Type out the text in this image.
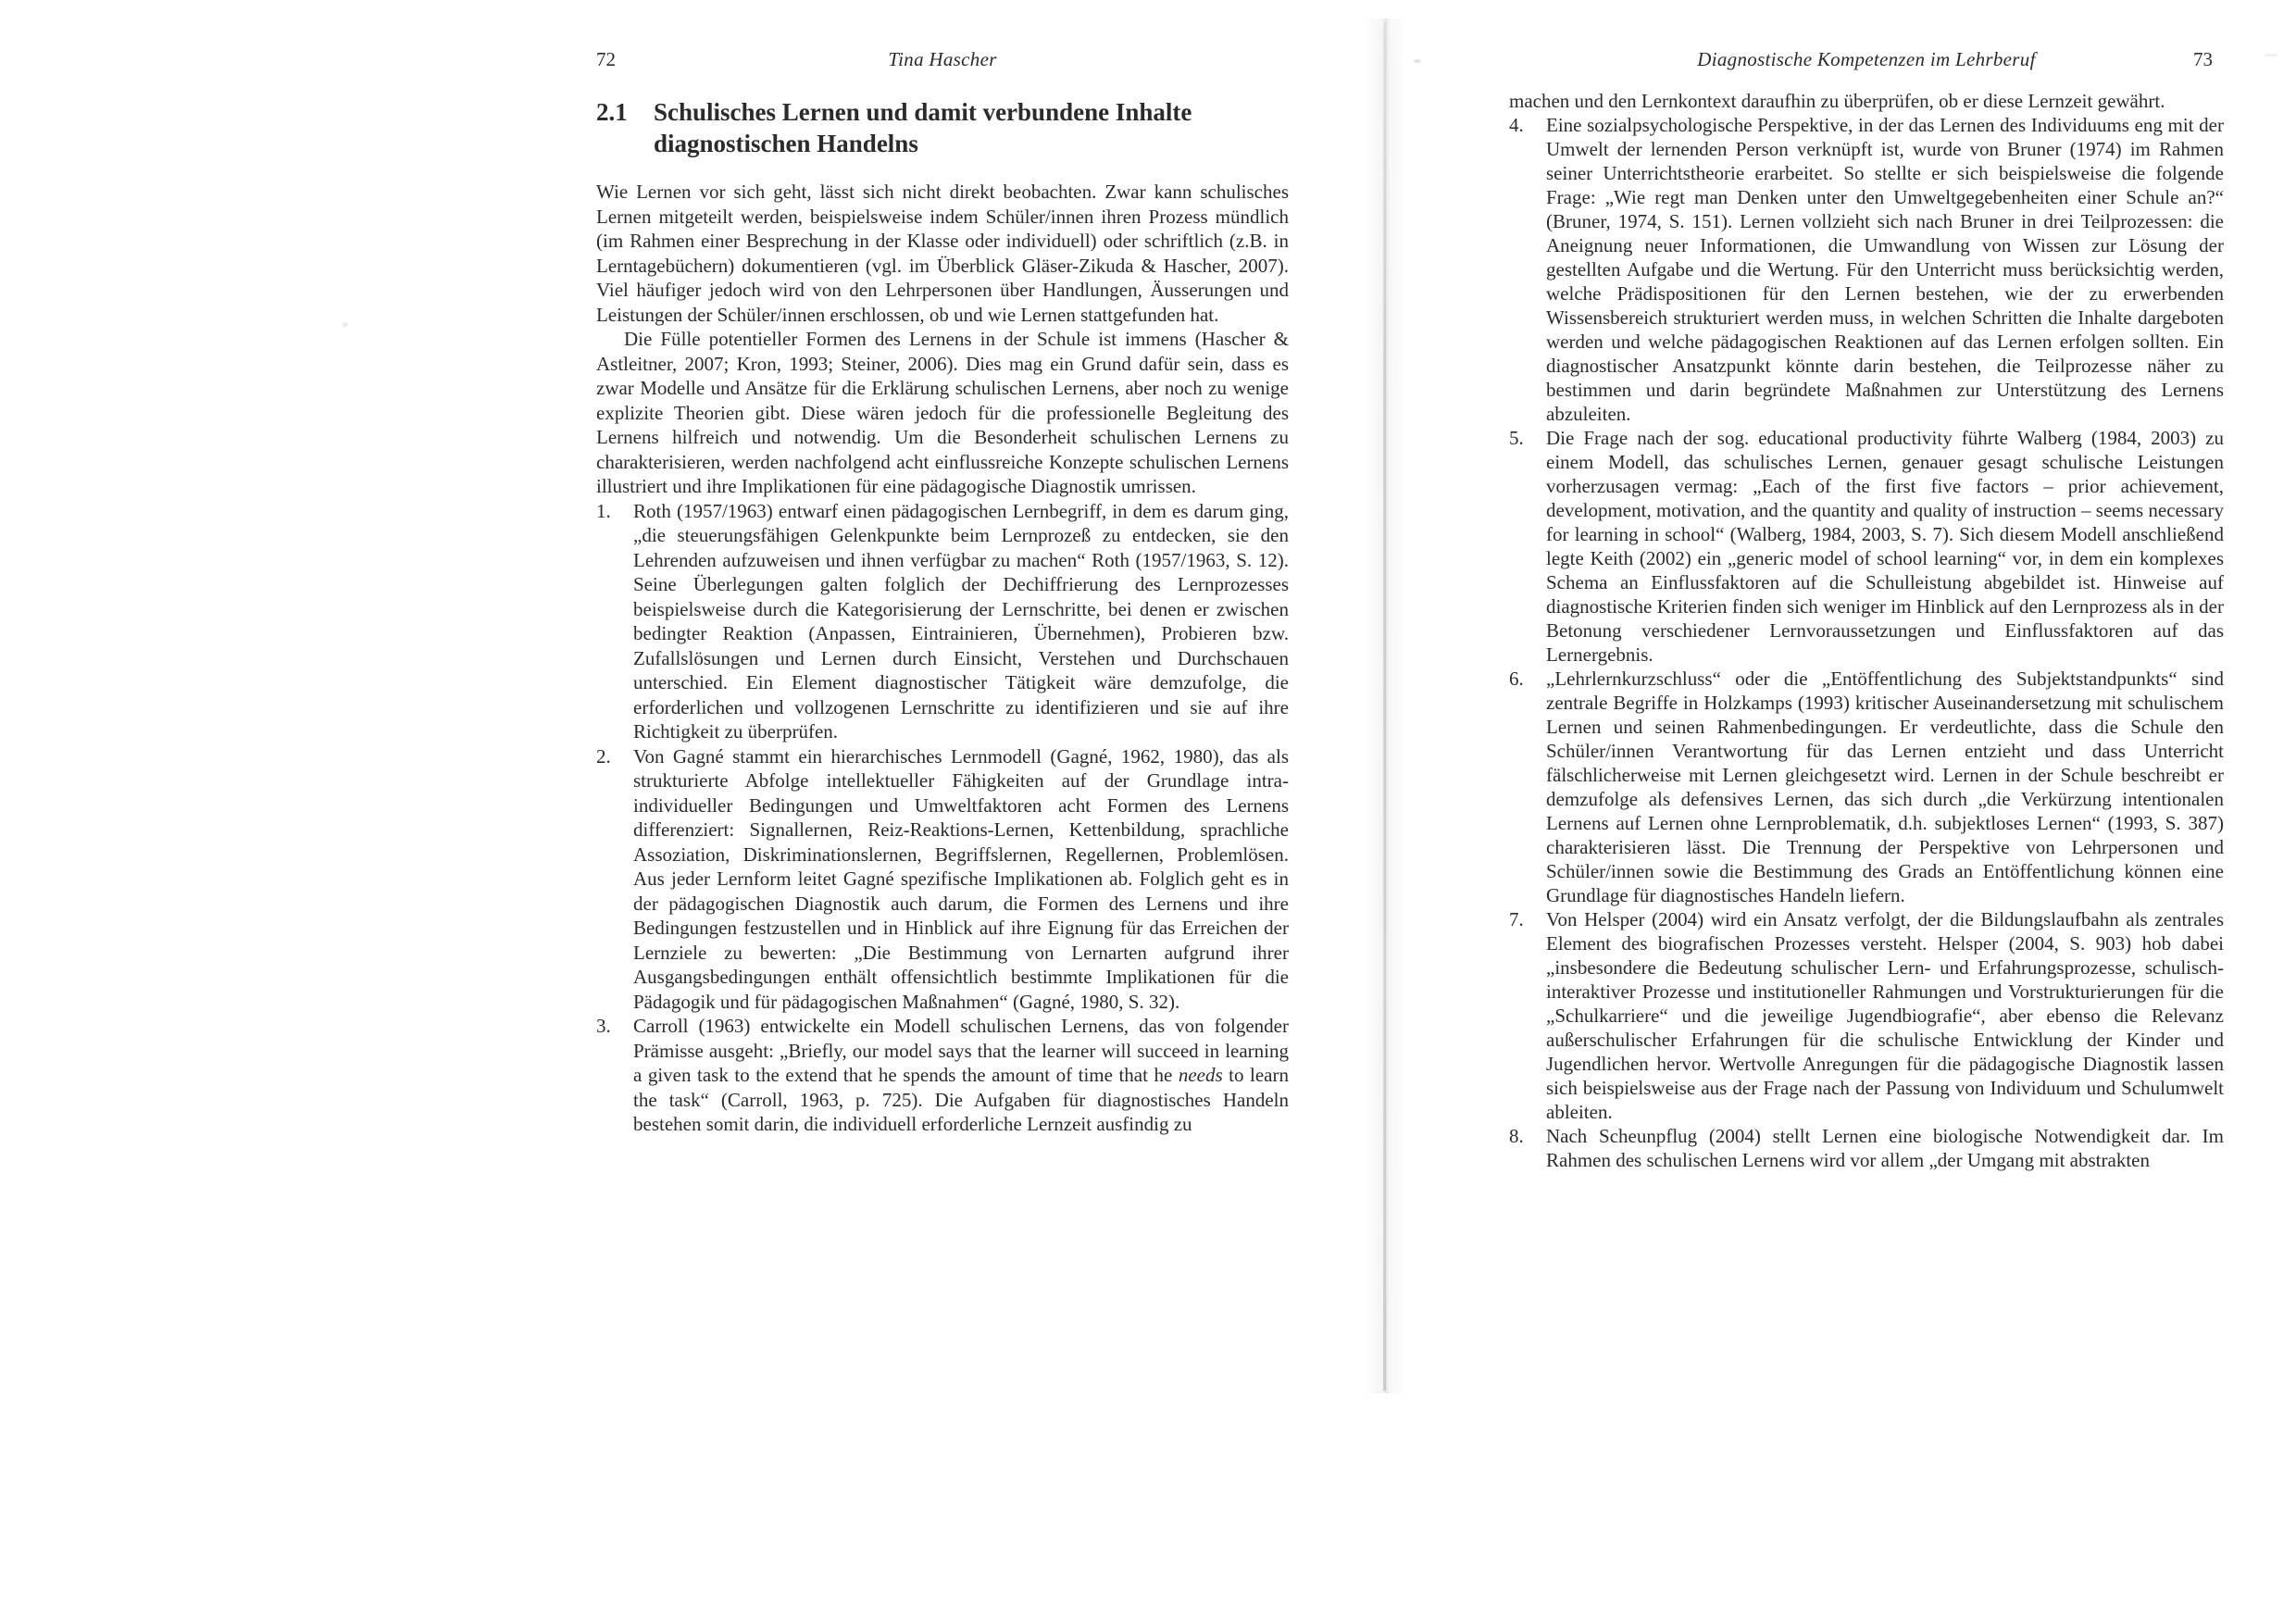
72	Tina Hascher
2.1	Schulisches Lernen und damit verbundene Inhalte diagnostischen Handelns

Wie Lernen vor sich geht, lässt sich nicht direkt beobachten. Zwar kann schulisches Lernen mitgeteilt werden, beispielsweise indem Schüler/innen ihren Prozess mündlich (im Rahmen einer Besprechung in der Klasse oder individuell) oder schriftlich (z.B. in Lerntagebüchern) dokumentieren (vgl. im Überblick Gläser-Zikuda & Hascher, 2007). Viel häufiger jedoch wird von den Lehrpersonen über Handlungen, Äusserungen und Leistungen der Schüler/innen erschlossen, ob und wie Lernen stattgefunden hat.

Die Fülle potentieller Formen des Lernens in der Schule ist immens (Hascher & Astleitner, 2007; Kron, 1993; Steiner, 2006). Dies mag ein Grund dafür sein, dass es zwar Modelle und Ansätze für die Erklärung schulischen Lernens, aber noch zu wenige explizite Theorien gibt. Diese wären jedoch für die professionelle Begleitung des Lernens hilfreich und notwendig. Um die Besonderheit schulischen Lernens zu charakterisieren, werden nachfolgend acht einflussreiche Konzepte schulischen Lernens illustriert und ihre Implikationen für eine pädagogische Diagnostik umrissen.

1.	Roth (1957/1963) entwarf einen pädagogischen Lernbegriff, in dem es darum ging, „die steuerungsfähigen Gelenkpunkte beim Lernprozeß zu entdecken, sie den Lehrenden aufzuweisen und ihnen verfügbar zu machen“ Roth (1957/1963, S. 12). Seine Überlegungen galten folglich der Dechiffrierung des Lernprozesses beispielsweise durch die Kategorisierung der Lernschritte, bei denen er zwischen bedingter Reaktion (Anpassen, Eintrainieren, Übernehmen), Probieren bzw. Zufallslösungen und Lernen durch Einsicht, Verstehen und Durchschauen unterschied. Ein Element diagnostischer Tätigkeit wäre demzufolge, die erforderlichen und vollzogenen Lernschritte zu identifizieren und sie auf ihre Richtigkeit zu überprüfen.
2.	Von Gagné stammt ein hierarchisches Lernmodell (Gagné, 1962, 1980), das als strukturierte Abfolge intellektueller Fähigkeiten auf der Grundlage intra-individueller Bedingungen und Umweltfaktoren acht Formen des Lernens differenziert: Signallernen, Reiz-Reaktions-Lernen, Kettenbildung, sprachliche Assoziation, Diskriminationslernen, Begriffslernen, Regellernen, Problemlösen. Aus jeder Lernform leitet Gagné spezifische Implikationen ab. Folglich geht es in der pädagogischen Diagnostik auch darum, die Formen des Lernens und ihre Bedingungen festzustellen und in Hinblick auf ihre Eignung für das Erreichen der Lernziele zu bewerten: „Die Bestimmung von Lernarten aufgrund ihrer Ausgangsbedingungen enthält offensichtlich bestimmte Implikationen für die Pädagogik und für pädagogischen Maßnahmen“ (Gagné, 1980, S. 32).
3.	Carroll (1963) entwickelte ein Modell schulischen Lernens, das von folgender Prämisse ausgeht: „Briefly, our model says that the learner will succeed in learning a given task to the extend that he spends the amount of time that he needs to learn the task“ (Carroll, 1963, p. 725). Die Aufgaben für diagnostisches Handeln bestehen somit darin, die individuell erforderliche Lernzeit ausfindig zu
Diagnostische Kompetenzen im Lehrberuf	73

machen und den Lernkontext daraufhin zu überprüfen, ob er diese Lernzeit gewährt.

4.	Eine sozialpsychologische Perspektive, in der das Lernen des Individuums eng mit der Umwelt der lernenden Person verknüpft ist, wurde von Bruner (1974) im Rahmen seiner Unterrichtstheorie erarbeitet. So stellte er sich beispielsweise die folgende Frage: „Wie regt man Denken unter den Umweltgegebenheiten einer Schule an?“ (Bruner, 1974, S. 151). Lernen vollzieht sich nach Bruner in drei Teilprozessen: die Aneignung neuer Informationen, die Umwandlung von Wissen zur Lösung der gestellten Aufgabe und die Wertung. Für den Unterricht muss berücksichtig werden, welche Prädispositionen für den Lernen bestehen, wie der zu erwerbenden Wissensbereich strukturiert werden muss, in welchen Schritten die Inhalte dargeboten werden und welche pädagogischen Reaktionen auf das Lernen erfolgen sollten. Ein diagnostischer Ansatzpunkt könnte darin bestehen, die Teilprozesse näher zu bestimmen und darin begründete Maßnahmen zur Unterstützung des Lernens abzuleiten.
5.	Die Frage nach der sog. educational productivity führte Walberg (1984, 2003) zu einem Modell, das schulisches Lernen, genauer gesagt schulische Leistungen vorherzusagen vermag: „Each of the first five factors – prior achievement, development, motivation, and the quantity and quality of instruction – seems necessary for learning in school“ (Walberg, 1984, 2003, S. 7). Sich diesem Modell anschließend legte Keith (2002) ein „generic model of school learning“ vor, in dem ein komplexes Schema an Einflussfaktoren auf die Schulleistung abgebildet ist. Hinweise auf diagnostische Kriterien finden sich weniger im Hinblick auf den Lernprozess als in der Betonung verschiedener Lernvoraussetzungen und Einflussfaktoren auf das Lernergebnis.
6.	„Lehrlernkurzschluss“ oder die „Entöffentlichung des Subjektstandpunkts“ sind zentrale Begriffe in Holzkamps (1993) kritischer Auseinandersetzung mit schulischem Lernen und seinen Rahmenbedingungen. Er verdeutlichte, dass die Schule den Schüler/innen Verantwortung für das Lernen entzieht und dass Unterricht fälschlicherweise mit Lernen gleichgesetzt wird. Lernen in der Schule beschreibt er demzufolge als defensives Lernen, das sich durch „die Verkürzung intentionalen Lernens auf Lernen ohne Lernproblematik, d.h. subjektloses Lernen“ (1993, S. 387) charakterisieren lässt. Die Trennung der Perspektive von Lehrpersonen und Schüler/innen sowie die Bestimmung des Grads an Entöffentlichung können eine Grundlage für diagnostisches Handeln liefern.
7.	Von Helsper (2004) wird ein Ansatz verfolgt, der die Bildungslaufbahn als zentrales Element des biografischen Prozesses versteht. Helsper (2004, S. 903) hob dabei „insbesondere die Bedeutung schulischer Lern- und Erfahrungsprozesse, schulisch-interaktiver Prozesse und institutioneller Rahmungen und Vorstrukturierungen für die „Schulkarriere“ und die jeweilige Jugendbiografie“, aber ebenso die Relevanz außerschulischer Erfahrungen für die schulische Entwicklung der Kinder und Jugendlichen hervor. Wertvolle Anregungen für die pädagogische Diagnostik lassen sich beispielsweise aus der Frage nach der Passung von Individuum und Schulumwelt ableiten.
8.	Nach Scheunpflug (2004) stellt Lernen eine biologische Notwendigkeit dar. Im Rahmen des schulischen Lernens wird vor allem „der Umgang mit abstrakten
